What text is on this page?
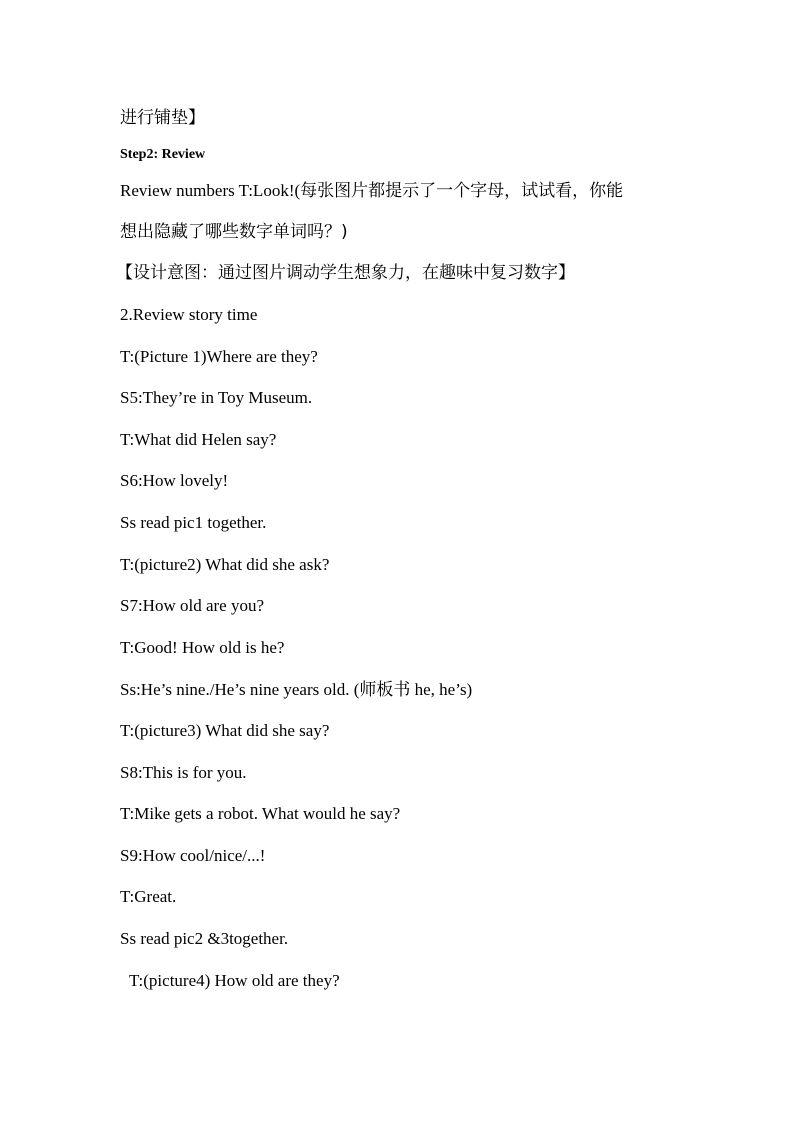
进行铺垫】
Step2: Review
Review numbers T:Look!(每张图片都提示了一个字母，试试看，你能
想出隐藏了哪些数字单词吗？)
【设计意图：通过图片调动学生想象力，在趣味中复习数字】
2.Review story time
T:(Picture 1)Where are they?
S5:They’re in Toy Museum.
T:What did Helen say?
S6:How lovely!
Ss read pic1 together.
T:(picture2) What did she ask?
S7:How old are you?
T:Good! How old is he?
Ss:He’s nine./He’s nine years old. (师板书 he, he’s)
T:(picture3) What did she say?
S8:This is for you.
T:Mike gets a robot. What would he say?
S9:How cool/nice/...!
T:Great.
Ss read pic2 &3together.
T:(picture4) How old are they?
